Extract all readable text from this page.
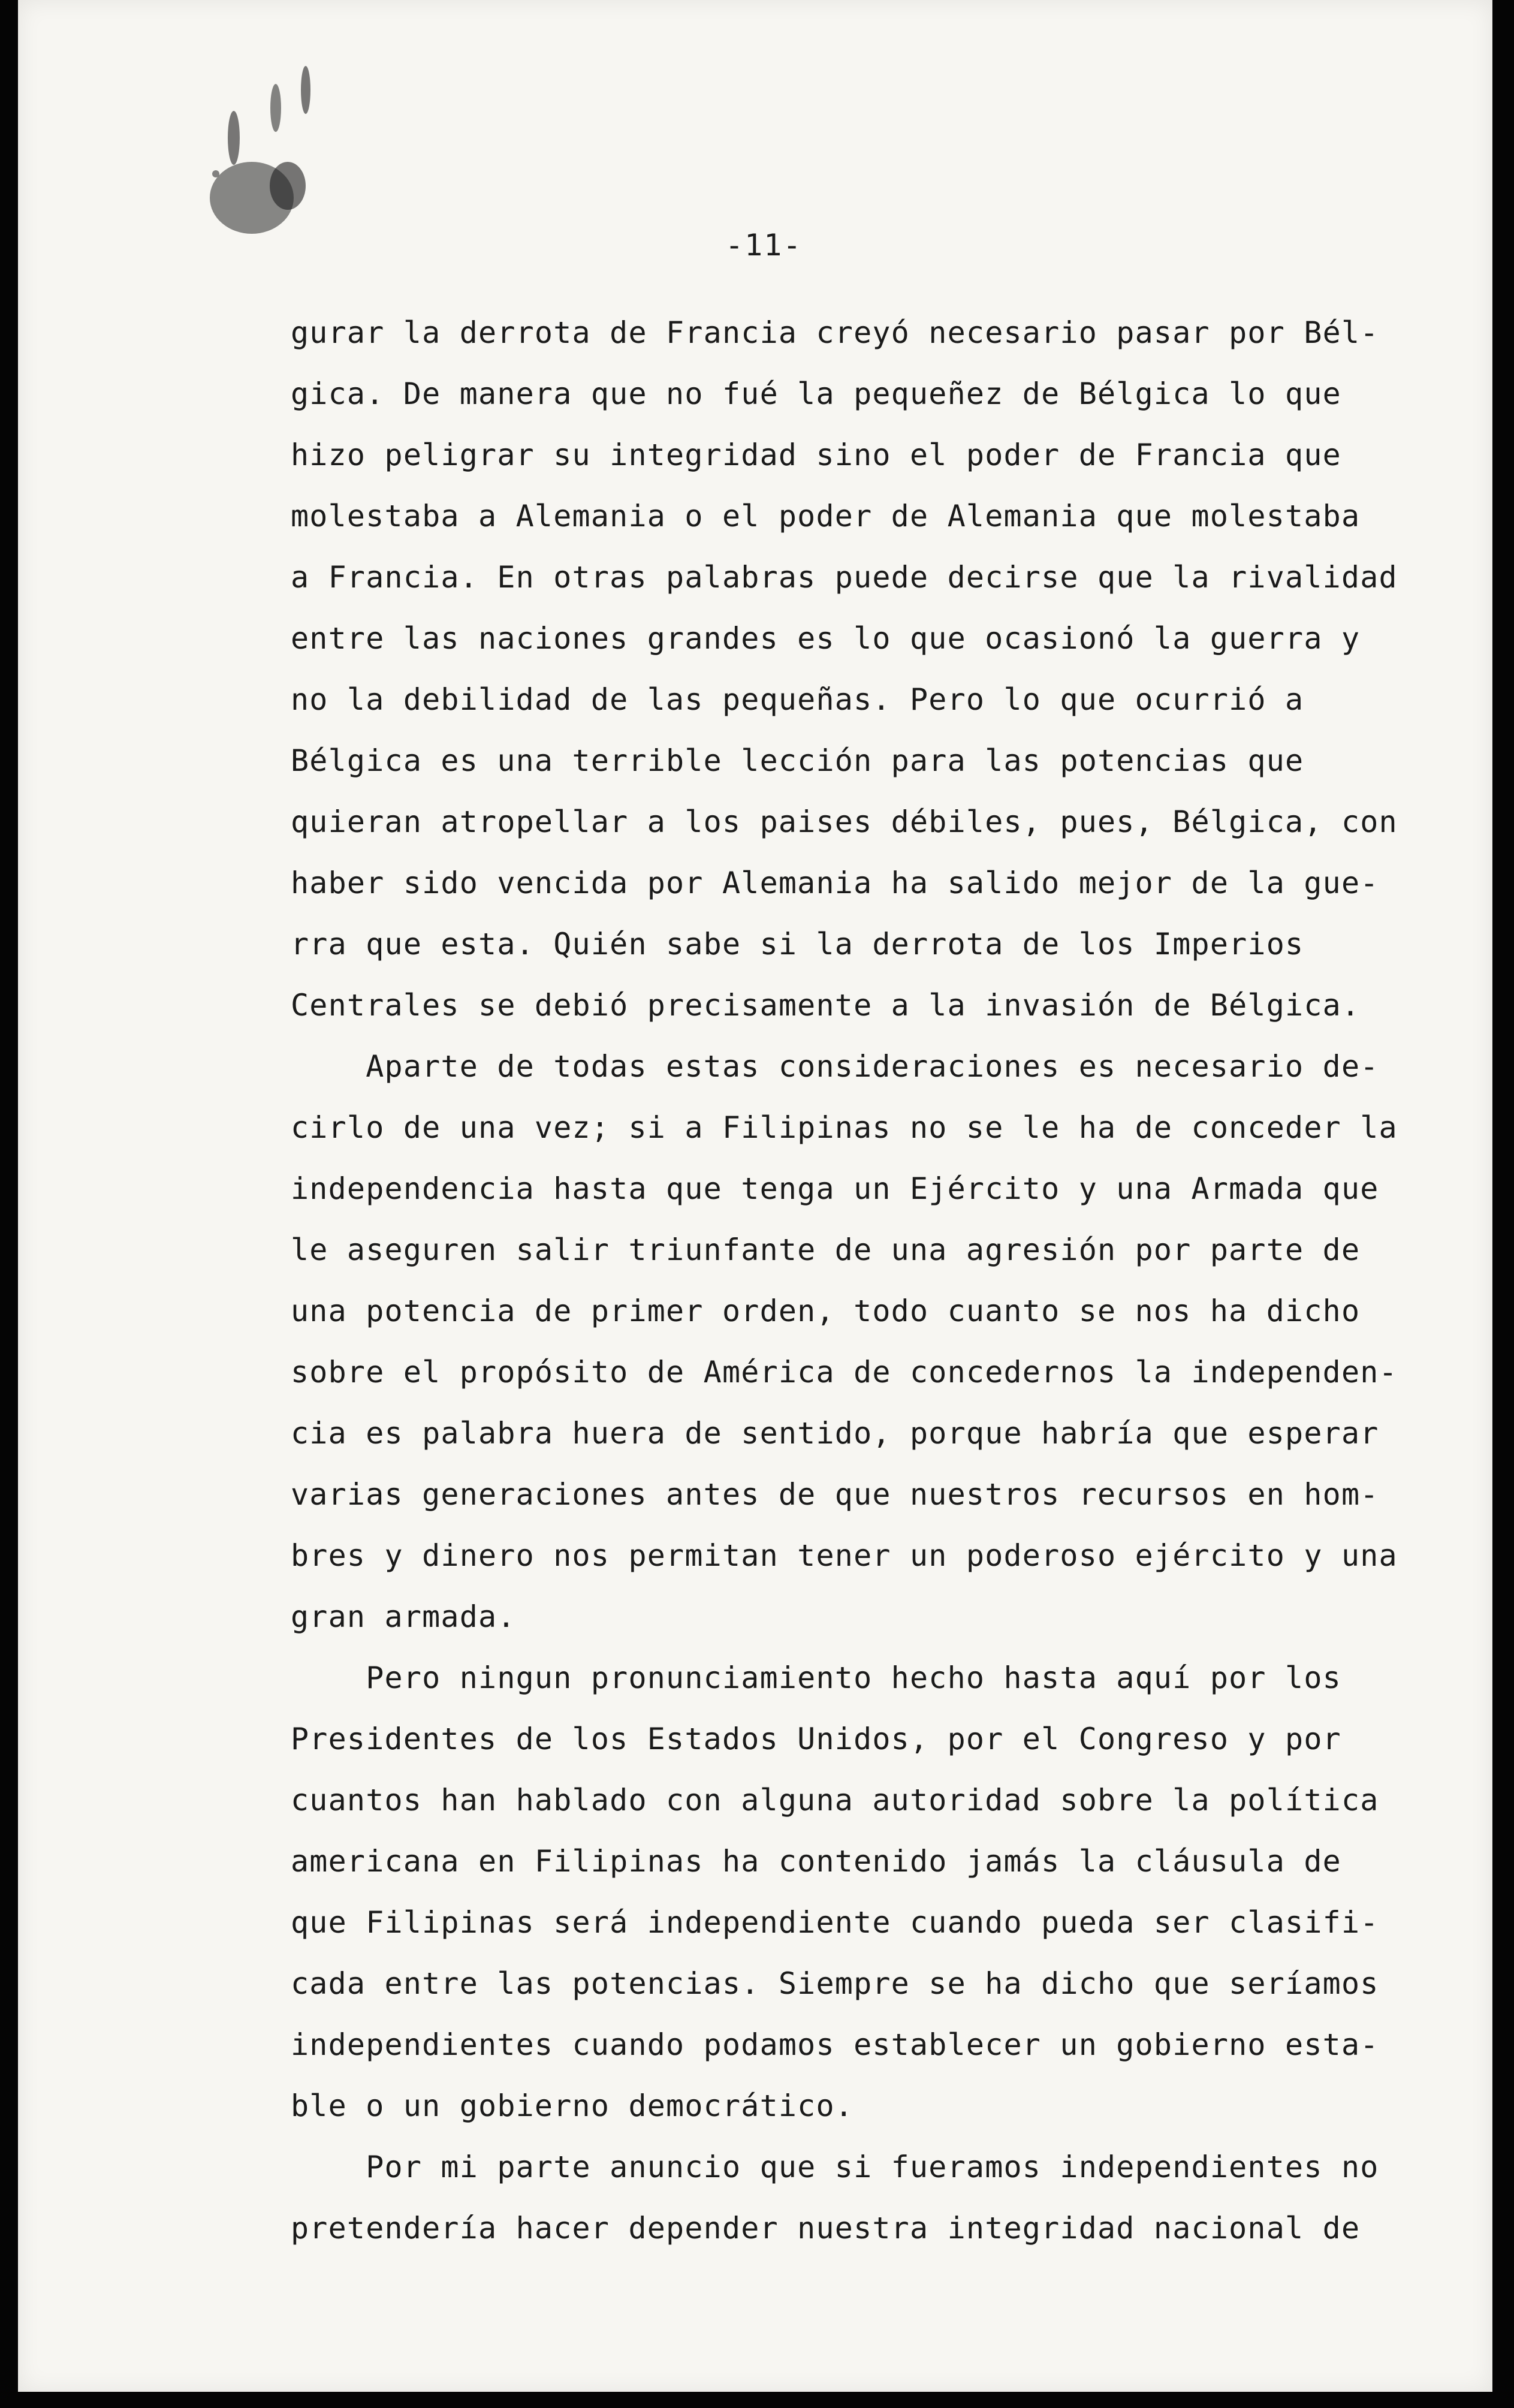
-11-
gurar la derrota de Francia creyó necesario pasar por Bél-
gica. De manera que no fué la pequeñez de Bélgica lo que
hizo peligrar su integridad sino el poder de Francia que
molestaba a Alemania o el poder de Alemania que molestaba
a Francia. En otras palabras puede decirse que la rivalidad
entre las naciones grandes es lo que ocasionó la guerra y
no la debilidad de las pequeñas. Pero lo que ocurrió a
Bélgica es una terrible lección para las potencias que
quieran atropellar a los paises débiles, pues, Bélgica, con
haber sido vencida por Alemania ha salido mejor de la gue-
rra que esta. Quién sabe si la derrota de los Imperios
Centrales se debió precisamente a la invasión de Bélgica.
Aparte de todas estas consideraciones es necesario de-
cirlo de una vez; si a Filipinas no se le ha de conceder la
independencia hasta que tenga un Ejército y una Armada que
le aseguren salir triunfante de una agresión por parte de
una potencia de primer orden, todo cuanto se nos ha dicho
sobre el propósito de América de concedernos la independen-
cia es palabra huera de sentido, porque habría que esperar
varias generaciones antes de que nuestros recursos en hom-
bres y dinero nos permitan tener un poderoso ejército y una
gran armada.
Pero ningun pronunciamiento hecho hasta aquí por los
Presidentes de los Estados Unidos, por el Congreso y por
cuantos han hablado con alguna autoridad sobre la política
americana en Filipinas ha contenido jamás la cláusula de
que Filipinas será independiente cuando pueda ser clasifi-
cada entre las potencias. Siempre se ha dicho que seríamos
independientes cuando podamos establecer un gobierno esta-
ble o un gobierno democrático.
Por mi parte anuncio que si fueramos independientes no
pretendería hacer depender nuestra integridad nacional de
